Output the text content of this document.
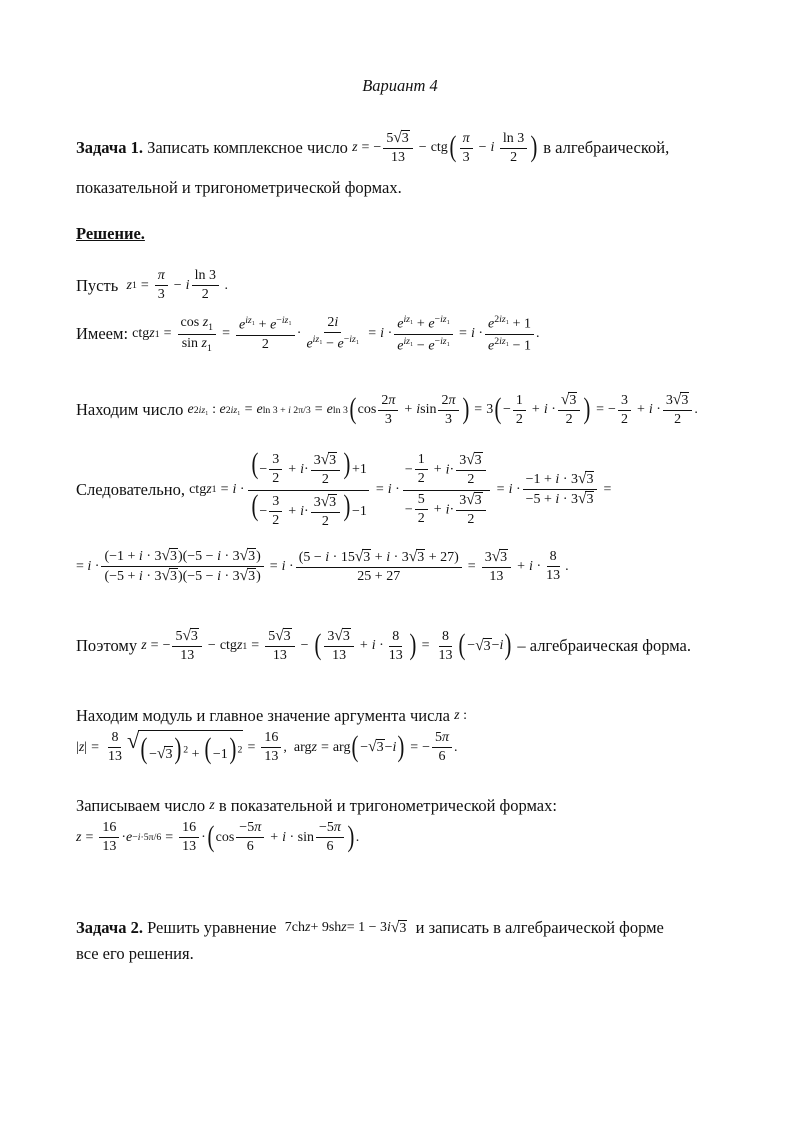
Вариант 4
Задача 1.
Записать комплексное число
z = − $\frac{5 √ 3}{13}$ − ctg ( $\frac{\pi}{3} - i$
$\frac{\ln 3}{2}$ )
в алгебраической,
показательной и тригонометрической формах.
Решение.
Пусть
z $1 = \frac{\pi}{3} - i \frac{\ln 3}{2}$ .
Имеем:
ctg z $1 = \frac{\cos z_1}{\sin z_1} = \frac{e^{iz_1} + e^{-iz_1}}{2} \cdot \frac{2i}{e^{iz_1} - e^{-iz_1}} = i \cdot \frac{e^{iz_1} + e^{-iz_1}}{e^{iz_1} - e^{-iz_1}} = i \cdot \frac{e^{2iz_1} + 1}{e^{2iz_1} - 1}$ .
Находим число
e 2iz₁ : e 2iz₁ = e ln 3 + i 2π/3 = e ln 3 ( $\cos \frac{2\pi}{3} + i$ $\sin \frac{2\pi}{3}$ ) = 3 ( − $\frac{1}{2} + i \cdot \frac{√ 3}{2}$ ) = − $\frac{3}{2} + i \cdot \frac{3 √ 3}{2}$ .
Следовательно,
ctg z $1 = i \cdot \frac{(- \frac{3}{2} + i\cdot \frac{3 √ 3}{2} )+1}{(- \frac{3}{2} + i\cdot \frac{3 √ 3}{2} )-1} = i \cdot \frac{- \frac{1}{2} + i\cdot \frac{3 √ 3}{2}}{- \frac{5}{2} + i\cdot \frac{3 √ 3}{2}} = i \cdot \frac{-1 + i \cdot 3 √ 3}{-5 + i \cdot 3 √ 3}$ =
= $i \cdot \frac{(-1 + i \cdot 3 √ 3 )(-5 - i \cdot 3 √ 3 )}{(-5 + i \cdot 3 √ 3 )(-5 - i \cdot 3 √ 3 )} = i \cdot \frac{(5 - i \cdot 15 √ 3 + i \cdot 3 √ 3 + 27)}{25 + 27} = \frac{3 √ 3}{13} + i \cdot \frac{8}{13}$ .
Поэтому
z = − $\frac{5 √ 3}{13}$ − ctg z $1 = \frac{5 √ 3}{13}$ − ( $\frac{3 √ 3}{13} + i \cdot \frac{8}{13}$ ) = $\frac{8}{13}$ ( − √ 3 − i )
– алгебраическая форма.
Находим модуль и главное значение аргумента числа
z :
| z | = $\frac{8}{13}$ √ (− √ 3 )$^2 + (-1)^2 = \frac{16}{13}$ ,  arg z = arg ( − √ 3 − i ) = − $\frac{5\pi}{6}$ .
Записываем число
z
в показательной и тригонометрической формах:
$z = \frac{16}{13} \cdot e -i\cdot 5\pi/6 = \frac{16}{13}$ · ( $\cos \frac{-5\pi}{6} + i \cdot \sin \frac{-5\pi}{6}$ ) .
Задача 2.
Решить уравнение
7ch z + 9sh z = 1 − 3 i √ 3
и записать в алгебраической форме
все его решения.
